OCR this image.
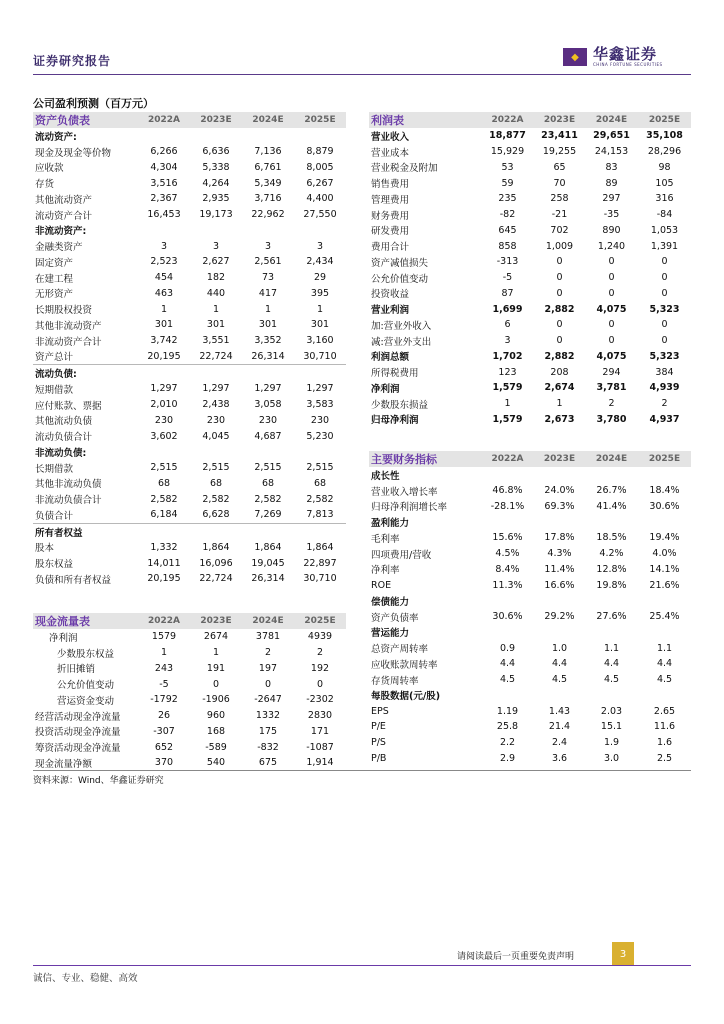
证券研究报告	◆ 华鑫证券
CHINA FORTUNE SECURITIES
公司盈利预测（百万元）
资产负债表	2022A	2023E	2024E	2025E
流动资产:				
现金及现金等价物	6,266	6,636	7,136	8,879
应收款	4,304	5,338	6,761	8,005
存货	3,516	4,264	5,349	6,267
其他流动资产	2,367	2,935	3,716	4,400
流动资产合计	16,453	19,173	22,962	27,550
非流动资产:				
金融类资产	3	3	3	3
固定资产	2,523	2,627	2,561	2,434
在建工程	454	182	73	29
无形资产	463	440	417	395
长期股权投资	1	1	1	1
其他非流动资产	301	301	301	301
非流动资产合计	3,742	3,551	3,352	3,160
资产总计	20,195	22,724	26,314	30,710
流动负债:				
短期借款	1,297	1,297	1,297	1,297
应付账款、票据	2,010	2,438	3,058	3,583
其他流动负债	230	230	230	230
流动负债合计	3,602	4,045	4,687	5,230
非流动负债:				
长期借款	2,515	2,515	2,515	2,515
其他非流动负债	68	68	68	68
非流动负债合计	2,582	2,582	2,582	2,582
负债合计	6,184	6,628	7,269	7,813
所有者权益				
股本	1,332	1,864	1,864	1,864
股东权益	14,011	16,096	19,045	22,897
负债和所有者权益	20,195	22,724	26,314	30,710
利润表	2022A	2023E	2024E	2025E
营业收入	18,877	23,411	29,651	35,108
营业成本	15,929	19,255	24,153	28,296
营业税金及附加	53	65	83	98
销售费用	59	70	89	105
管理费用	235	258	297	316
财务费用	-82	-21	-35	-84
研发费用	645	702	890	1,053
费用合计	858	1,009	1,240	1,391
资产减值损失	-313	0	0	0
公允价值变动	-5	0	0	0
投资收益	87	0	0	0
营业利润	1,699	2,882	4,075	5,323
加:营业外收入	6	0	0	0
减:营业外支出	3	0	0	0
利润总额	1,702	2,882	4,075	5,323
所得税费用	123	208	294	384
净利润	1,579	2,674	3,781	4,939
少数股东损益	1	1	2	2
归母净利润	1,579	2,673	3,780	4,937
主要财务指标	2022A	2023E	2024E	2025E
成长性				
营业收入增长率	46.8%	24.0%	26.7%	18.4%
归母净利润增长率	-28.1%	69.3%	41.4%	30.6%
盈利能力				
毛利率	15.6%	17.8%	18.5%	19.4%
四项费用/营收	4.5%	4.3%	4.2%	4.0%
净利率	8.4%	11.4%	12.8%	14.1%
ROE	11.3%	16.6%	19.8%	21.6%
偿债能力				
资产负债率	30.6%	29.2%	27.6%	25.4%
营运能力				
总资产周转率	0.9	1.0	1.1	1.1
应收账款周转率	4.4	4.4	4.4	4.4
存货周转率	4.5	4.5	4.5	4.5
每股数据(元/股)				
EPS	1.19	1.43	2.03	2.65
P/E	25.8	21.4	15.1	11.6
P/S	2.2	2.4	1.9	1.6
P/B	2.9	3.6	3.0	2.5
现金流量表	2022A	2023E	2024E	2025E
净利润	1579	2674	3781	4939
少数股东权益	1	1	2	2
折旧摊销	243	191	197	192
公允价值变动	-5	0	0	0
营运资金变动	-1792	-1906	-2647	-2302
经营活动现金净流量	26	960	1332	2830
投资活动现金净流量	-307	168	175	171
筹资活动现金净流量	652	-589	-832	-1087
现金流量净额	370	540	675	1,914
资料来源：Wind、华鑫证券研究
请阅读最后一页重要免责声明	3
诚信、专业、稳健、高效
